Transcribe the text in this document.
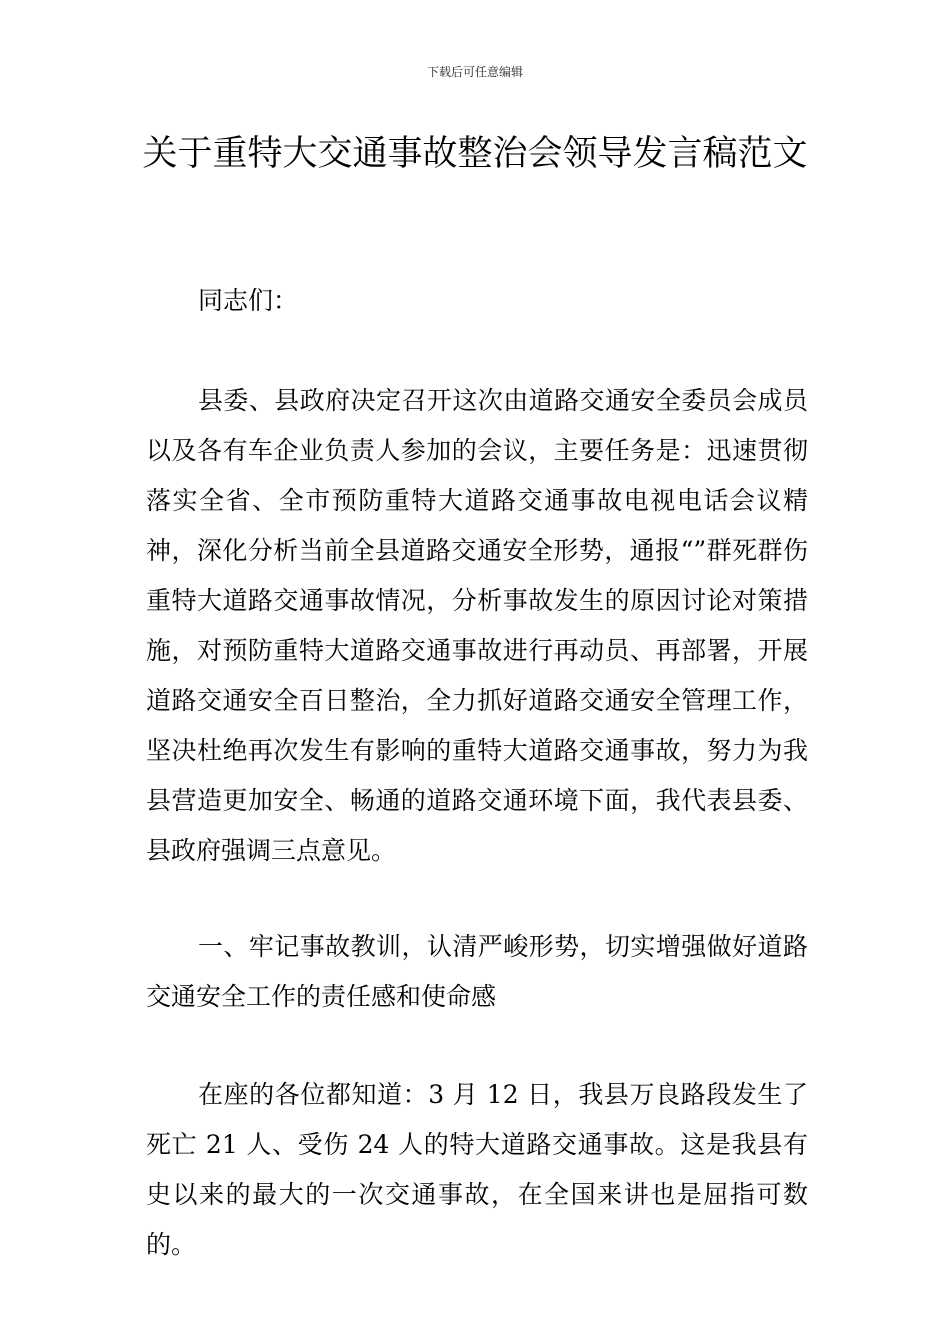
下载后可任意编辑
关于重特大交通事故整治会领导发言稿范文

同志们：

县委、县政府决定召开这次由道路交通安全委员会成员以及各有车企业负责人参加的会议，主要任务是：迅速贯彻落实全省、全市预防重特大道路交通事故电视电话会议精神，深化分析当前全县道路交通安全形势，通报“”群死群伤重特大道路交通事故情况，分析事故发生的原因讨论对策措施，对预防重特大道路交通事故进行再动员、再部署，开展道路交通安全百日整治，全力抓好道路交通安全管理工作，坚决杜绝再次发生有影响的重特大道路交通事故，努力为我县营造更加安全、畅通的道路交通环境下面，我代表县委、县政府强调三点意见。

一、牢记事故教训，认清严峻形势，切实增强做好道路交通安全工作的责任感和使命感

在座的各位都知道：3 月 12 日，我县万良路段发生了死亡 21 人、受伤 24 人的特大道路交通事故。这是我县有史以来的最大的一次交通事故，在全国来讲也是屈指可数的。
